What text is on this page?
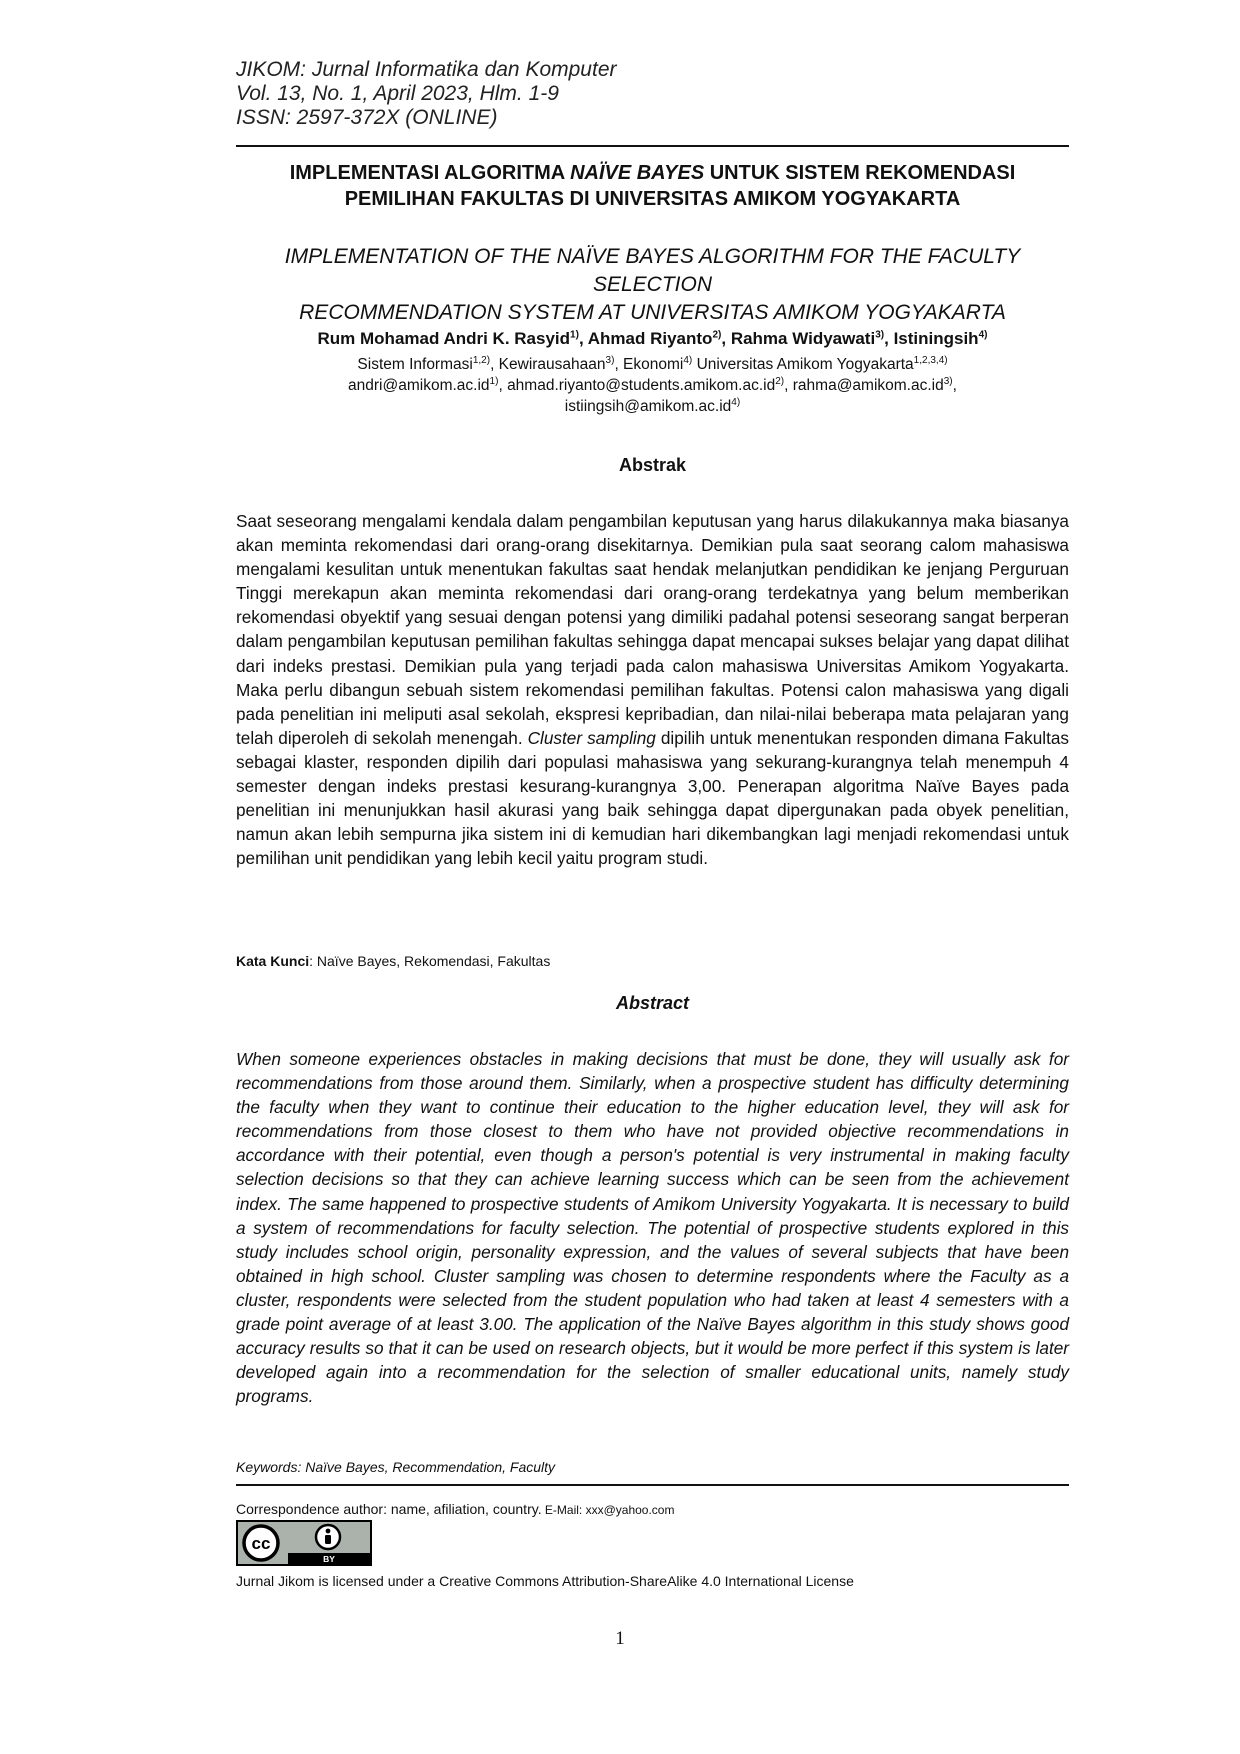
JIKOM: Jurnal Informatika dan Komputer
Vol. 13, No. 1, April 2023, Hlm. 1-9
ISSN: 2597-372X (ONLINE)
IMPLEMENTASI ALGORITMA NAÏVE BAYES UNTUK SISTEM REKOMENDASI
PEMILIHAN FAKULTAS DI UNIVERSITAS AMIKOM YOGYAKARTA
IMPLEMENTATION OF THE NAÏVE BAYES ALGORITHM FOR THE FACULTY SELECTION
RECOMMENDATION SYSTEM AT UNIVERSITAS AMIKOM YOGYAKARTA
Rum Mohamad Andri K. Rasyid$^{1)}$, Ahmad Riyanto$^{2)}$, Rahma Widyawati$^{3)}$, Istiningsih$^{4)}$
Sistem Informasi$^{1,2)}$, Kewirausahaan$^{3)}$, Ekonomi$^{4)}$ Universitas Amikom Yogyakarta$^{1,2,3,4)}$
$andri@amikom.ac.id^{1)}$, $ahmad.riyanto@students.amikom.ac.id^{2)}$, $rahma@amikom.ac.id^{3)}$,
$istiingsih@amikom.ac.id^{4)}$
Abstrak
Saat seseorang mengalami kendala dalam pengambilan keputusan yang harus dilakukannya maka biasanya akan meminta rekomendasi dari orang-orang disekitarnya. Demikian pula saat seorang calom mahasiswa mengalami kesulitan untuk menentukan fakultas saat hendak melanjutkan pendidikan ke jenjang Perguruan Tinggi merekapun akan meminta rekomendasi dari orang-orang terdekatnya yang belum memberikan rekomendasi obyektif yang sesuai dengan potensi yang dimiliki padahal potensi seseorang sangat berperan dalam pengambilan keputusan pemilihan fakultas sehingga dapat mencapai sukses belajar yang dapat dilihat dari indeks prestasi. Demikian pula yang terjadi pada calon mahasiswa Universitas Amikom Yogyakarta. Maka perlu dibangun sebuah sistem rekomendasi pemilihan fakultas. Potensi calon mahasiswa yang digali pada penelitian ini meliputi asal sekolah, ekspresi kepribadian, dan nilai-nilai beberapa mata pelajaran yang telah diperoleh di sekolah menengah. Cluster sampling dipilih untuk menentukan responden dimana Fakultas sebagai klaster, responden dipilih dari populasi mahasiswa yang sekurang-kurangnya telah menempuh 4 semester dengan indeks prestasi kesurang-kurangnya 3,00. Penerapan algoritma Naïve Bayes pada penelitian ini menunjukkan hasil akurasi yang baik sehingga dapat dipergunakan pada obyek penelitian, namun akan lebih sempurna jika sistem ini di kemudian hari dikembangkan lagi menjadi rekomendasi untuk pemilihan unit pendidikan yang lebih kecil yaitu program studi.
Kata Kunci: Naïve Bayes, Rekomendasi, Fakultas
Abstract
When someone experiences obstacles in making decisions that must be done, they will usually ask for recommendations from those around them. Similarly, when a prospective student has difficulty determining the faculty when they want to continue their education to the higher education level, they will ask for recommendations from those closest to them who have not provided objective recommendations in accordance with their potential, even though a person's potential is very instrumental in making faculty selection decisions so that they can achieve learning success which can be seen from the achievement index. The same happened to prospective students of Amikom University Yogyakarta. It is necessary to build a system of recommendations for faculty selection. The potential of prospective students explored in this study includes school origin, personality expression, and the values of several subjects that have been obtained in high school. Cluster sampling was chosen to determine respondents where the Faculty as a cluster, respondents were selected from the student population who had taken at least 4 semesters with a grade point average of at least 3.00. The application of the Naïve Bayes algorithm in this study shows good accuracy results so that it can be used on research objects, but it would be more perfect if this system is later developed again into a recommendation for the selection of smaller educational units, namely study programs.
Keywords: Naïve Bayes, Recommendation, Faculty
Correspondence author: name, afiliation, country. E-Mail: xxx@yahoo.com
cc
BY
Jurnal Jikom is licensed under a Creative Commons Attribution-ShareAlike 4.0 International License
1
